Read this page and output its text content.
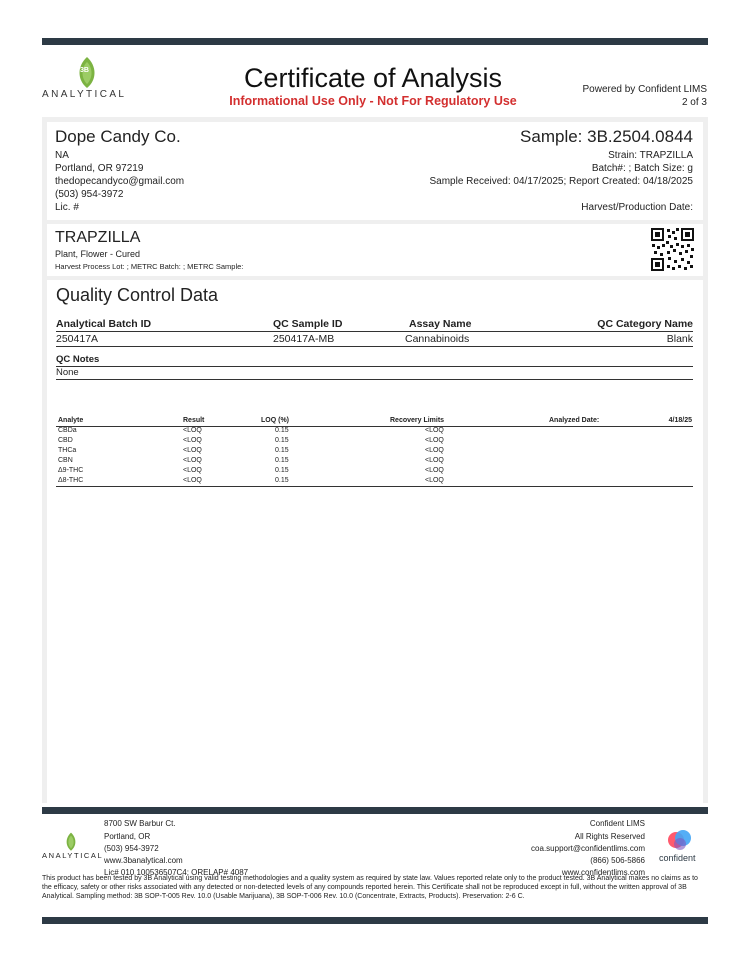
3B
ANALYTICAL
Certificate of Analysis
Informational Use Only - Not For Regulatory Use
Powered by Confident LIMS
2 of 3
Dope Candy Co.
NA
Portland, OR 97219
thedopecandyco@gmail.com
(503) 954-3972
Lic. #
Sample: 3B.2504.0844
Strain: TRAPZILLA
Batch#: ; Batch Size: g
Sample Received: 04/17/2025; Report Created: 04/18/2025
Harvest/Production Date:
TRAPZILLA
Plant, Flower - Cured
Harvest Process Lot: ; METRC Batch: ; METRC Sample:
Quality Control Data
Analytical Batch ID	QC Sample ID	Assay Name	QC Category Name
250417A	250417A-MB	Cannabinoids	Blank
QC Notes
None
Analyte	Result	LOQ (%)	Recovery Limits	Analyzed Date:	4/18/25
CBDa	<LOQ	0.15	<LOQ
CBD	<LOQ	0.15	<LOQ
THCa	<LOQ	0.15	<LOQ
CBN	<LOQ	0.15	<LOQ
Δ9-THC	<LOQ	0.15	<LOQ
Δ8-THC	<LOQ	0.15	<LOQ
ANALYTICAL
8700 SW Barbur Ct.
Portland, OR
(503) 954-3972
www.3banalytical.com
Lic# 010 100536507C4; ORELAP# 4087
Confident LIMS
All Rights Reserved
coa.support@confidentlims.com
(866) 506-5866
www.confidentlims.com
confident
This product has been tested by 3B Analytical using valid testing methodologies and a quality system as required by state law. Values reported relate only to the product tested. 3B Analytical makes no claims as to the efficacy, safety or other risks associated with any detected or non-detected levels of any compounds reported herein. This Certificate shall not be reproduced except in full, without the written approval of 3B Analytical. Sampling method: 3B SOP-T-005 Rev. 10.0 (Usable Marijuana), 3B SOP-T-006 Rev. 10.0 (Concentrate, Extracts, Products). Preservation: 2-6 C.
